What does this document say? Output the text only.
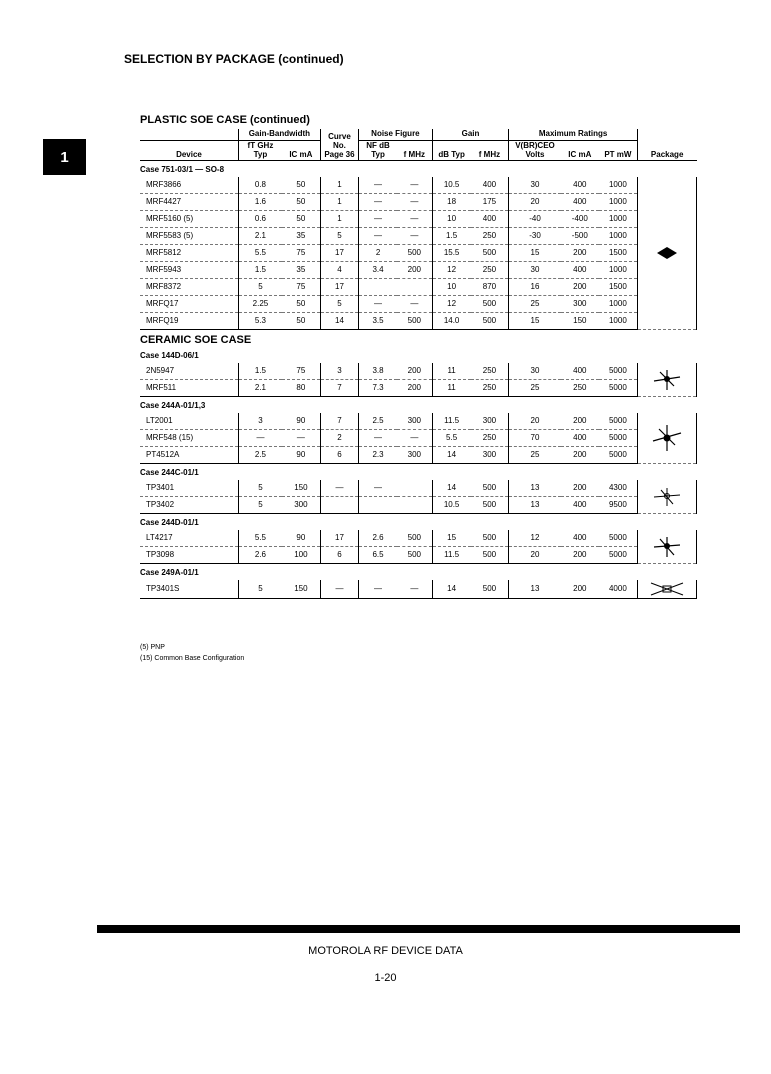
SELECTION BY PACKAGE (continued)
1
PLASTIC SOE CASE (continued)
	Gain-Bandwidth		Curve No. Page 36	Noise Figure		Gain		Maximum Ratings			Package
Device	fT GHz Typ	IC mA		NF dB Typ	f MHz	dB Typ	f MHz	V(BR)CEO Volts	IC mA	PT mW	
Case 751-03/1 — SO-8											
MRF3866	0.8	50	1	—	—	10.5	400	30	400	1000	

MRF4427	1.6	50	1	—	—	18	175	20	400	1000	
MRF5160 (5)	0.6	50	1	—	—	10	400	-40	-400	1000	
MRF5583 (5)	2.1	35	5	—	—	1.5	250	-30	-500	1000	
MRF5812	5.5	75	17	2	500	15.5	500	15	200	1500	
MRF5943	1.5	35	4	3.4	200	12	250	30	400	1000	
MRF8372	5	75	17			10	870	16	200	1500	
MRFQ17	2.25	50	5	—	—	12	500	25	300	1000	
MRFQ19	5.3	50	14	3.5	500	14.0	500	15	150	1000	
CERAMIC SOE CASE											
Case 144D-06/1											
2N5947	1.5	75	3	3.8	200	11	250	30	400	5000	

MRF511	2.1	80	7	7.3	200	11	250	25	250	5000	
Case 244A-01/1,3											
LT2001	3	90	7	2.5	300	11.5	300	20	200	5000	

MRF548 (15)	—	—	2	—	—	5.5	250	70	400	5000	
PT4512A	2.5	90	6	2.3	300	14	300	25	200	5000	
Case 244C-01/1											
TP3401	5	150	—	—		14	500	13	200	4300	

TP3402	5	300				10.5	500	13	400	9500	
Case 244D-01/1											
LT4217	5.5	90	17	2.6	500	15	500	12	400	5000	

TP3098	2.6	100	6	6.5	500	11.5	500	20	200	5000	
Case 249A-01/1											
TP3401S	5	150	—	—	—	14	500	13	200	4000	
(5) PNP
(15) Common Base Configuration
MOTOROLA RF DEVICE DATA
1-20
